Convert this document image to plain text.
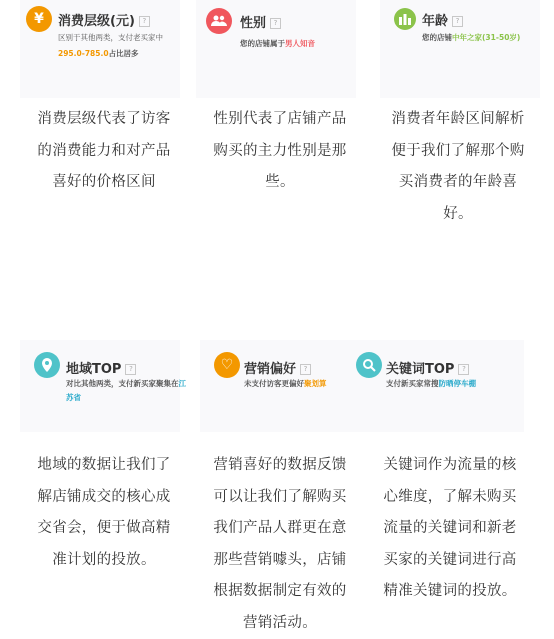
¥	消费层级(元) ?
区别于其他两类，支付老买家中
295.0-785.0占比居多
性别 ?
您的店铺属于男人知音
年龄 ?
您的店铺中年之家(31-50岁)
地域TOP ?
对比其他两类，支付新买家聚集在江
苏省
♡ 营销偏好 ?
未支付访客更偏好聚划算
关键词TOP ?
支付新买家常搜防晒停车棚
消费层级代表了访客
的消费能力和对产品
喜好的价格区间
性别代表了店铺产品
购买的主力性别是那
些。
消费者年龄区间解析
便于我们了解那个购
买消费者的年龄喜
好。
地域的数据让我们了
解店铺成交的核心成
交省会，便于做高精
准计划的投放。
营销喜好的数据反馈
可以让我们了解购买
我们产品人群更在意
那些营销噱头，店铺
根据数据制定有效的
营销活动。
关键词作为流量的核
心维度，了解未购买
流量的关键词和新老
买家的关键词进行高
精准关键词的投放。
